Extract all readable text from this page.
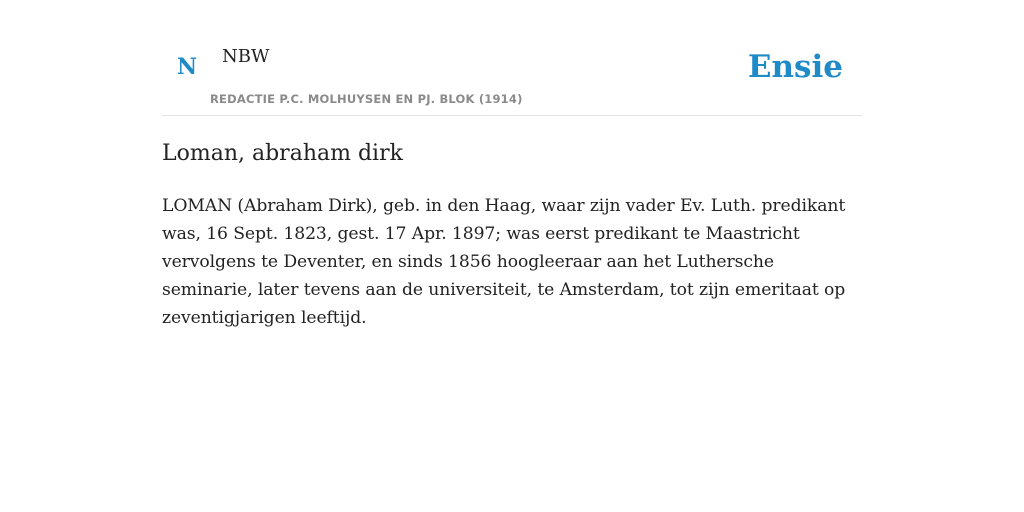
N NBW
REDACTIE P.C. MOLHUYSEN EN PJ. BLOK (1914)
Ensie
Loman, abraham dirk

LOMAN (Abraham Dirk), geb. in den Haag, waar zijn vader Ev. Luth. predikant was, 16 Sept. 1823, gest. 17 Apr. 1897; was eerst predikant te Maastricht vervolgens te Deventer, en sinds 1856 hoogleeraar aan het Luthersche seminarie, later tevens aan de universiteit, te Amsterdam, tot zijn emeritaat op zeventigjarigen leeftijd.
